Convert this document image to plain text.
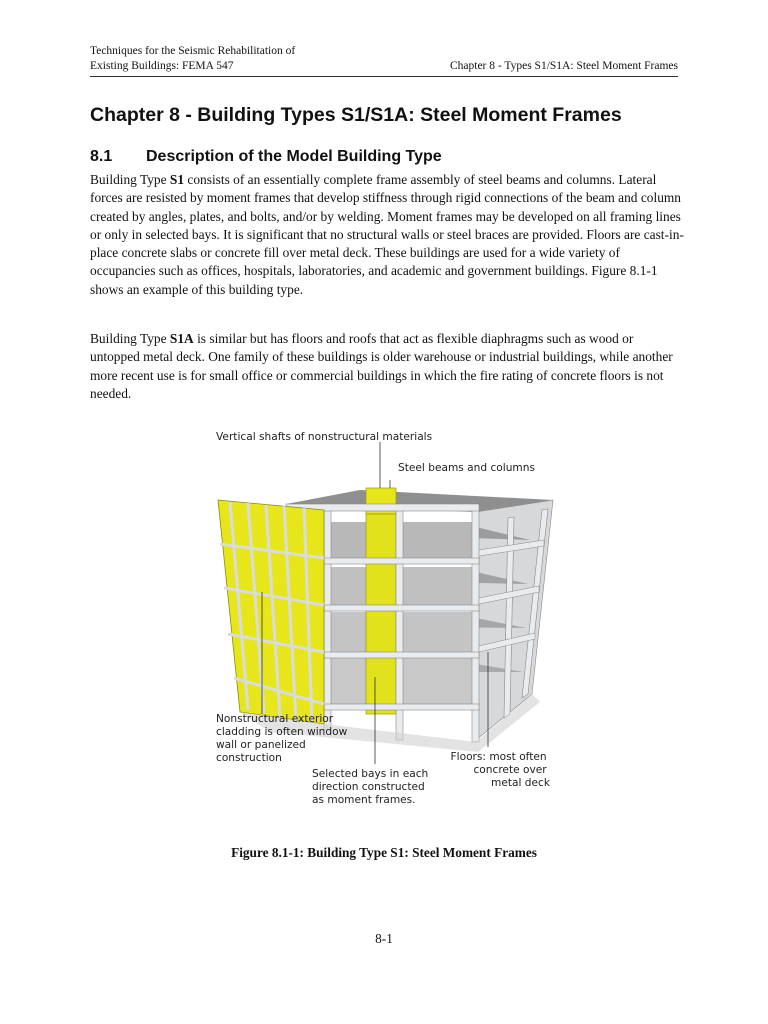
Techniques for the Seismic Rehabilitation of
Existing Buildings: FEMA 547	Chapter 8 - Types S1/S1A: Steel Moment Frames
Chapter 8 - Building Types S1/S1A: Steel Moment Frames
8.1 Description of the Model Building Type
Building Type S1 consists of an essentially complete frame assembly of steel beams and columns. Lateral forces are resisted by moment frames that develop stiffness through rigid connections of the beam and column created by angles, plates, and bolts, and/or by welding. Moment frames may be developed on all framing lines or only in selected bays. It is significant that no structural walls or steel braces are provided. Floors are cast-in-place concrete slabs or concrete fill over metal deck. These buildings are used for a wide variety of occupancies such as offices, hospitals, laboratories, and academic and government buildings. Figure 8.1-1 shows an example of this building type.
Building Type S1A is similar but has floors and roofs that act as flexible diaphragms such as wood or untopped metal deck. One family of these buildings is older warehouse or industrial buildings, while another more recent use is for small office or commercial buildings in which the fire rating of concrete floors is not needed.
Vertical shafts of nonstructural materials
Steel beams and columns
Nonstructural exterior cladding is often window wall or panelized construction
Selected bays in each direction constructed as moment frames.
Floors: most often concrete over metal deck
Figure 8.1-1: Building Type S1: Steel Moment Frames
8-1
